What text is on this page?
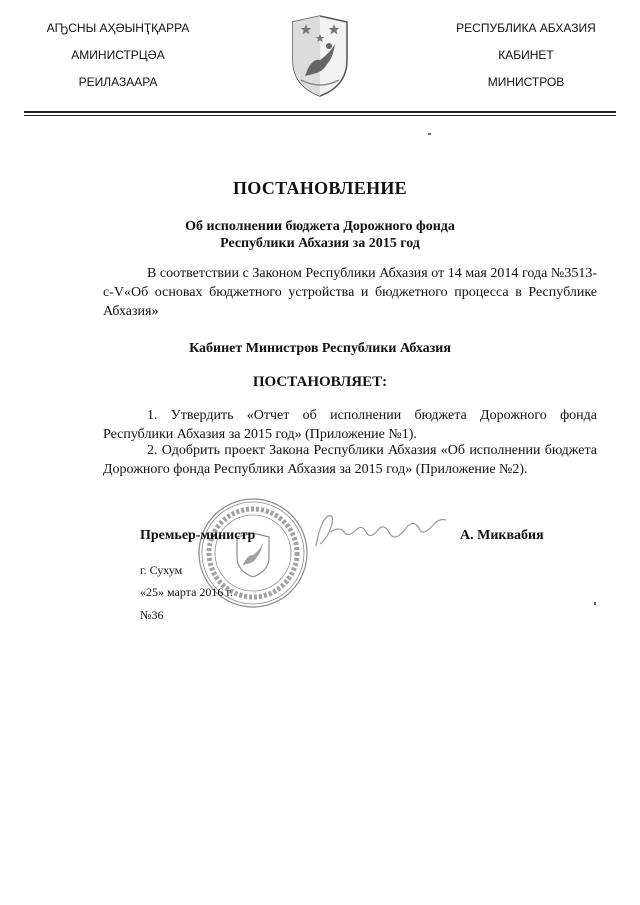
АҦСНЫ АҲӘЫНҬҚАРРА
АМИНИСТРЦӘА
РЕИЛАЗААРА
РЕСПУБЛИКА АБХАЗИЯ
КАБИНЕТ
МИНИСТРОВ
ПОСТАНОВЛЕНИЕ
Об исполнении бюджета Дорожного фонда
Республики Абхазия за 2015 год
В соответствии с Законом Республики Абхазия от 14 мая 2014 года №3513-с-V«Об основах бюджетного устройства и бюджетного процесса в Республике Абхазия»
Кабинет Министров Республики Абхазия
ПОСТАНОВЛЯЕТ:
1. Утвердить «Отчет об исполнении бюджета Дорожного фонда Республики Абхазия за 2015 год» (Приложение №1).
2. Одобрить проект Закона Республики Абхазия «Об исполнении бюджета Дорожного фонда Республики Абхазия за 2015 год» (Приложение №2).
Премьер-министр	А. Миквабия
г. Сухум
«25» марта 2016 г.
№36
